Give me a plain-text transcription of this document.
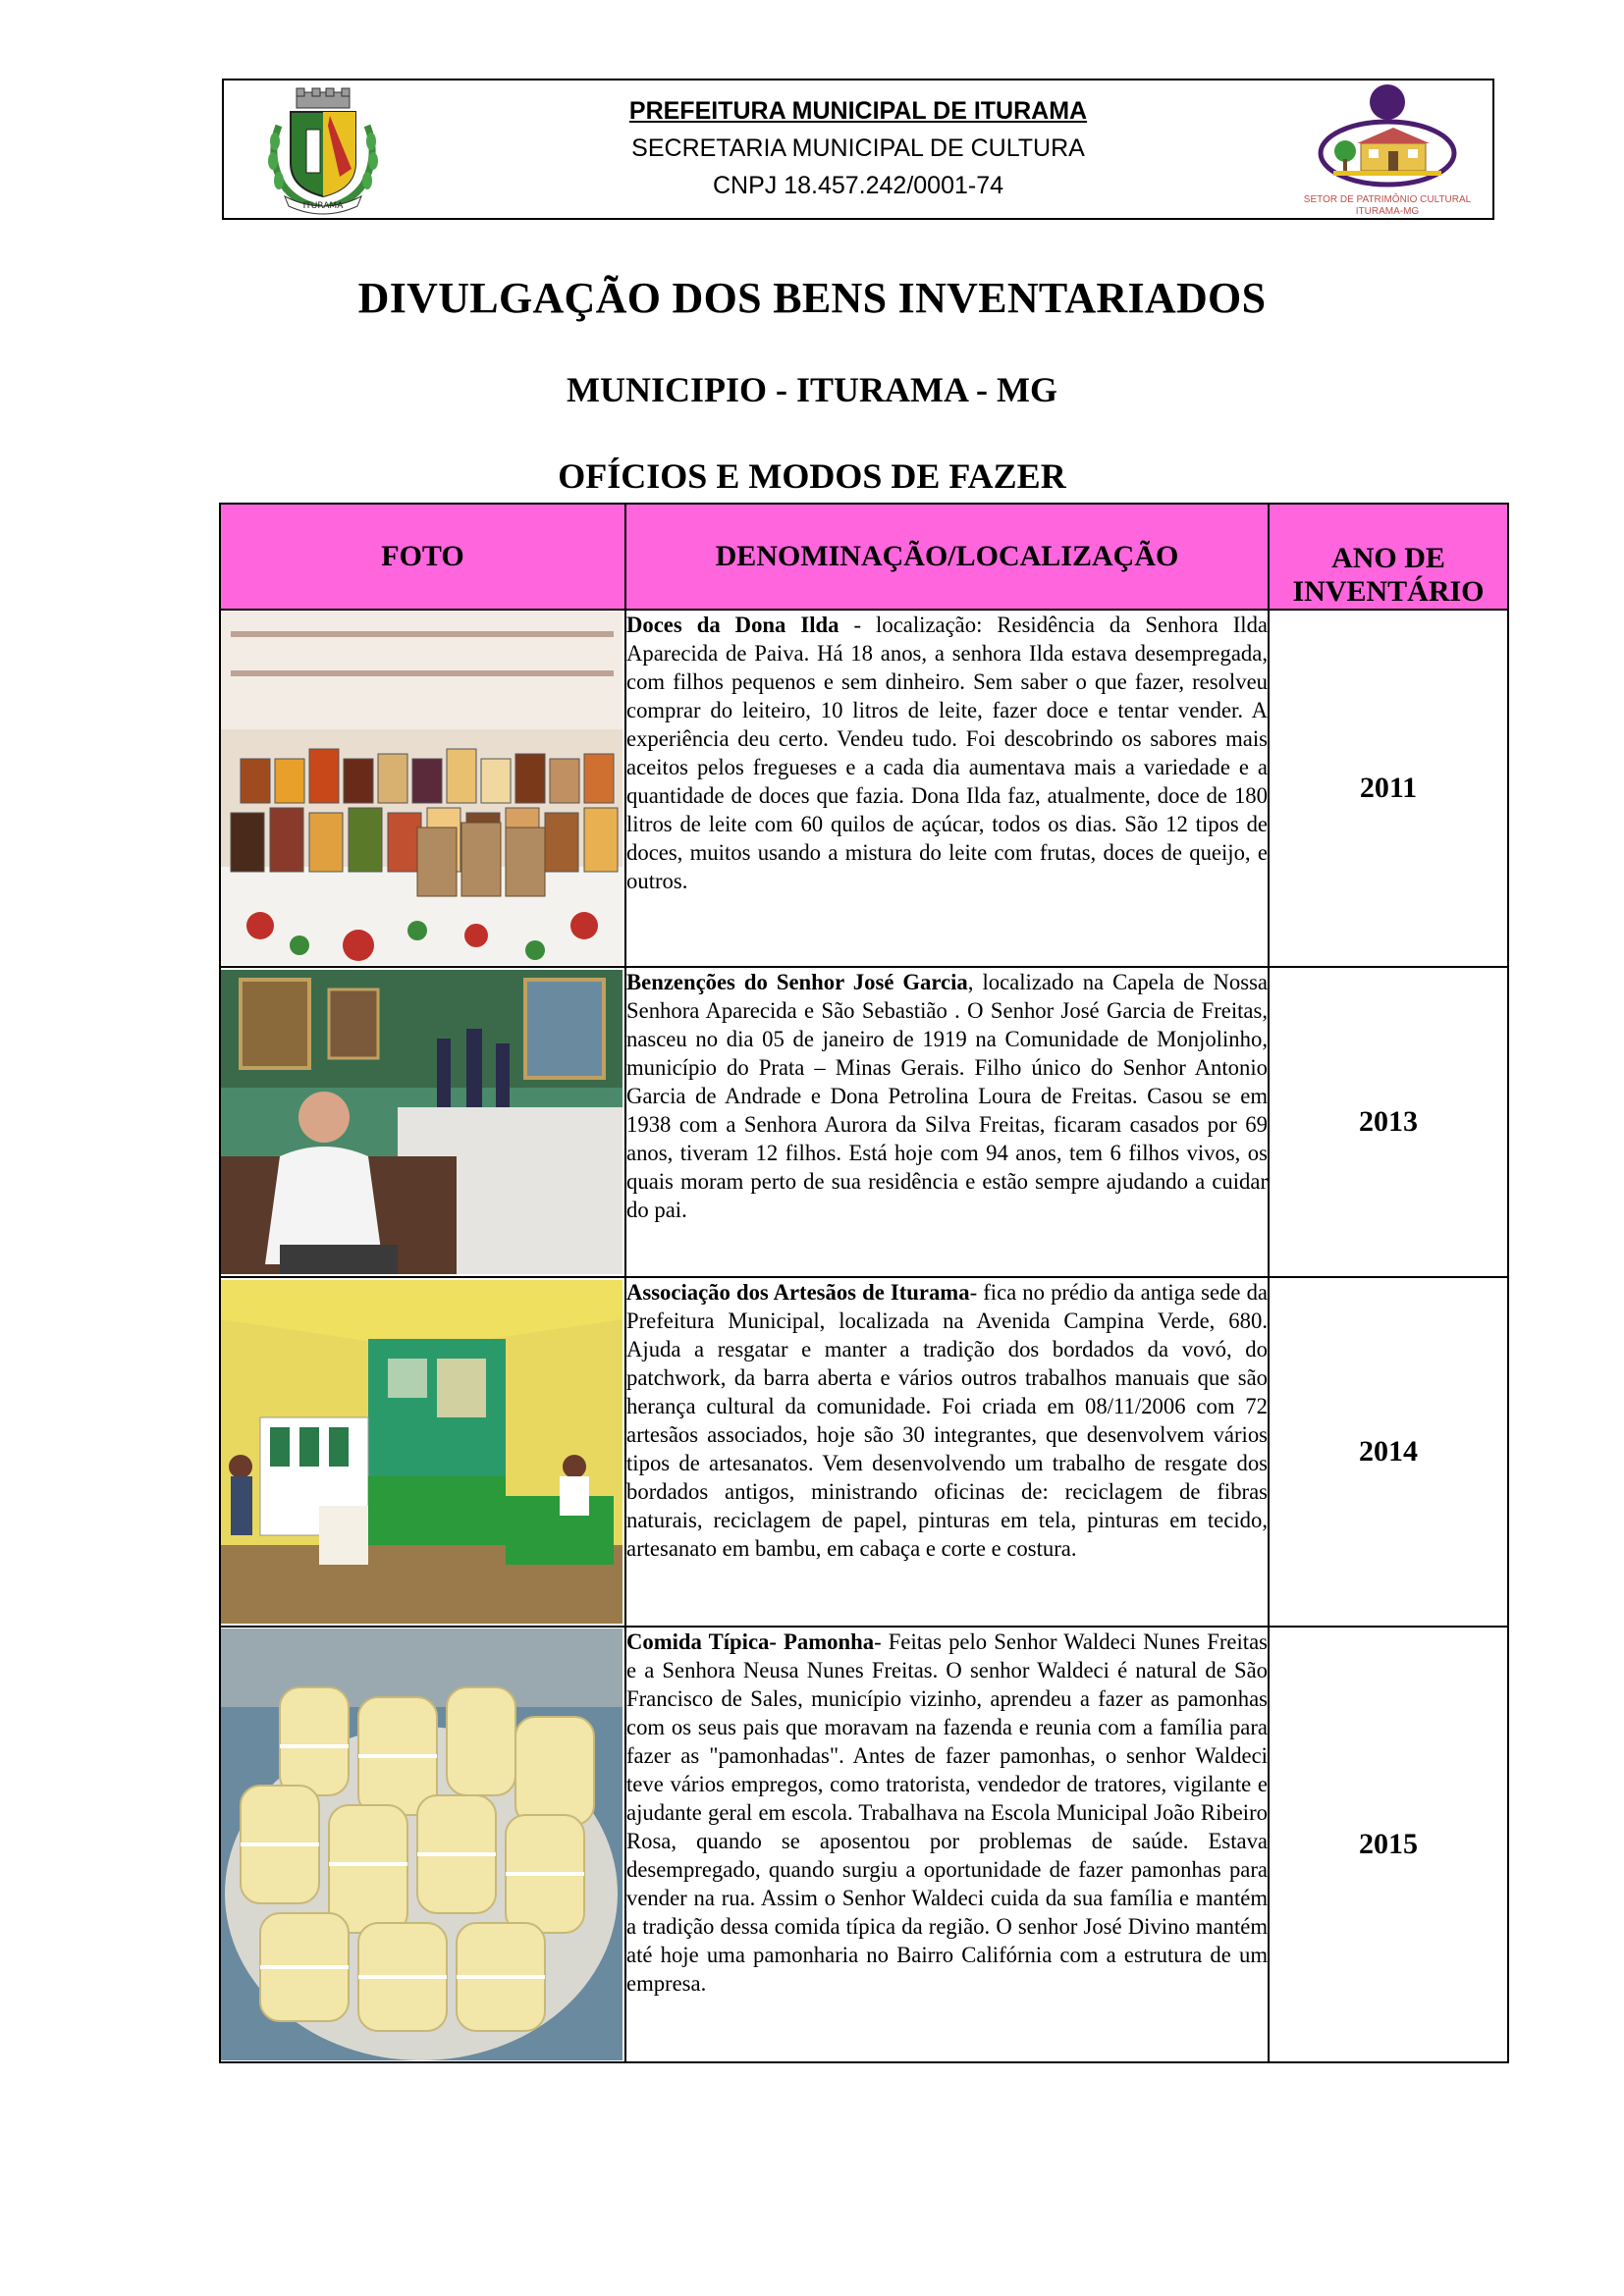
ITURAMA
PREFEITURA MUNICIPAL DE ITURAMA
SECRETARIA MUNICIPAL DE CULTURA
CNPJ 18.457.242/0001-74
SETOR DE PATRIMÔNIO CULTURAL
ITURAMA-MG
DIVULGAÇÃO DOS BENS INVENTARIADOS
MUNICIPIO - ITURAMA - MG
OFÍCIOS E MODOS DE FAZER
FOTO	DENOMINAÇÃO/LOCALIZAÇÃO	ANO DE INVENTÁRIO

	Doces da Dona Ilda - localização: Residência da Senhora Ilda Aparecida de Paiva. Há 18 anos, a senhora Ilda estava desempregada, com filhos pequenos e sem dinheiro. Sem saber o que fazer, resolveu comprar do leiteiro, 10 litros de leite, fazer doce e tentar vender. A experiência deu certo. Vendeu tudo. Foi descobrindo os sabores mais aceitos pelos fregueses e a cada dia aumentava mais a variedade e a quantidade de doces que fazia. Dona Ilda faz, atualmente, doce de 180 litros de leite com 60 quilos de açúcar, todos os dias. São 12 tipos de doces, muitos usando a mistura do leite com frutas, doces de queijo, e outros.	2011

	Benzenções do Senhor José Garcia, localizado na Capela de Nossa Senhora Aparecida e São Sebastião . O Senhor José Garcia de Freitas, nasceu no dia 05 de janeiro de 1919 na Comunidade de Monjolinho, município do Prata – Minas Gerais. Filho único do Senhor Antonio Garcia de Andrade e Dona Petrolina Loura de Freitas. Casou se em 1938 com a Senhora Aurora da Silva Freitas, ficaram casados por 69 anos, tiveram 12 filhos. Está hoje com 94 anos, tem 6 filhos vivos, os quais moram perto de sua residência e estão sempre ajudando a cuidar do pai.	2013

	Associação dos Artesãos de Iturama- fica no prédio da antiga sede da Prefeitura Municipal, localizada na Avenida Campina Verde, 680. Ajuda a resgatar e manter a tradição dos bordados da vovó, do patchwork, da barra aberta e vários outros trabalhos manuais que são herança cultural da comunidade. Foi criada em 08/11/2006 com 72 artesãos associados, hoje são 30 integrantes, que desenvolvem vários tipos de artesanatos. Vem desenvolvendo um trabalho de resgate dos bordados antigos, ministrando oficinas de: reciclagem de fibras naturais, reciclagem de papel, pinturas em tela, pinturas em tecido, artesanato em bambu, em cabaça e corte e costura.	2014

	Comida Típica- Pamonha- Feitas pelo Senhor Waldeci Nunes Freitas e a Senhora Neusa Nunes Freitas. O senhor Waldeci é natural de São Francisco de Sales, município vizinho, aprendeu a fazer as pamonhas com os seus pais que moravam na fazenda e reunia com a família para fazer as "pamonhadas". Antes de fazer pamonhas, o senhor Waldeci teve vários empregos, como tratorista, vendedor de tratores, vigilante e ajudante geral em escola. Trabalhava na Escola Municipal João Ribeiro Rosa, quando se aposentou por problemas de saúde. Estava desempregado, quando surgiu a oportunidade de fazer pamonhas para vender na rua. Assim o Senhor Waldeci cuida da sua família e mantém a tradição dessa comida típica da região. O senhor José Divino mantém até hoje uma pamonharia no Bairro Califórnia com a estrutura de um empresa.	2015
